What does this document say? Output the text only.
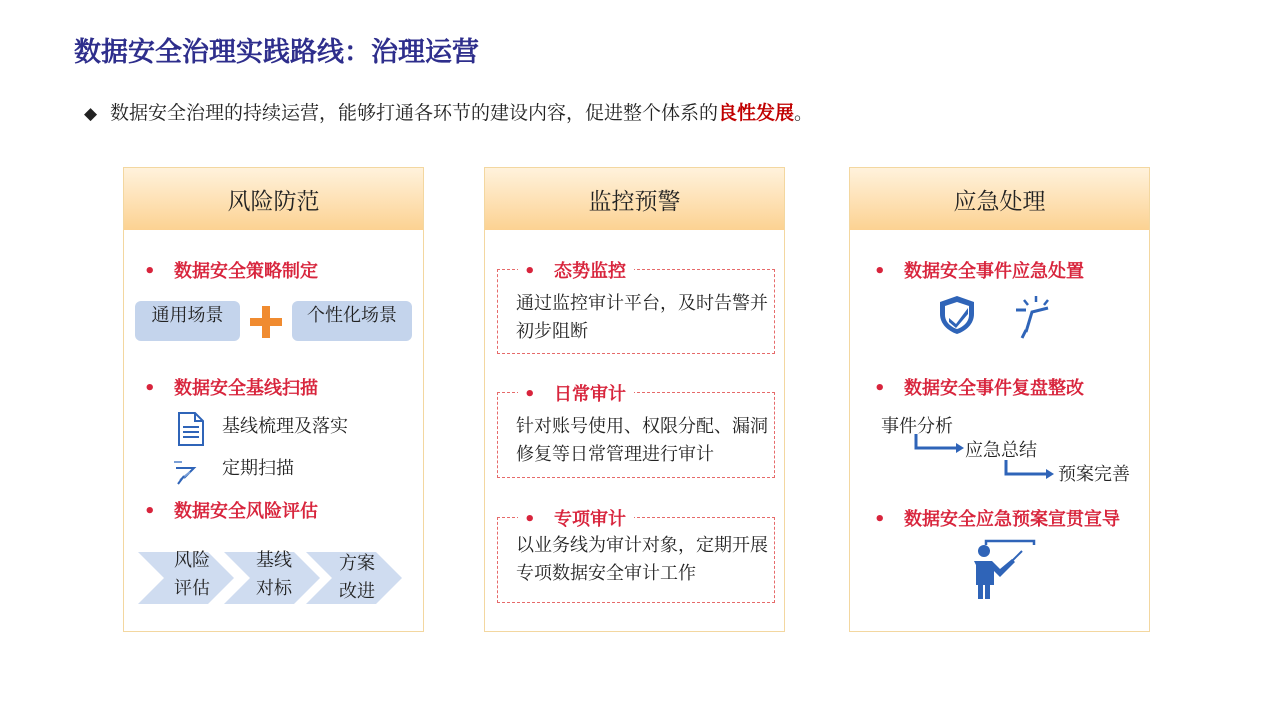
数据安全治理实践路线：治理运营
◆ 数据安全治理的持续运营，能够打通各环节的建设内容，促进整个体系的良性发展。
风险防范
• 数据安全策略制定
通用场景	个性化场景
• 数据安全基线扫描
基线梳理及落实
定期扫描
• 数据安全风险评估
风险
评估
基线
对标
方案
改进
监控预警
• 态势监控
通过监控审计平台，及时告警并初步阻断
• 日常审计
针对账号使用、权限分配、漏洞修复等日常管理进行审计
• 专项审计
以业务线为审计对象，定期开展专项数据安全审计工作
应急处理
• 数据安全事件应急处置
• 数据安全事件复盘整改
事件分析
应急总结
预案完善
• 数据安全应急预案宣贯宣导
